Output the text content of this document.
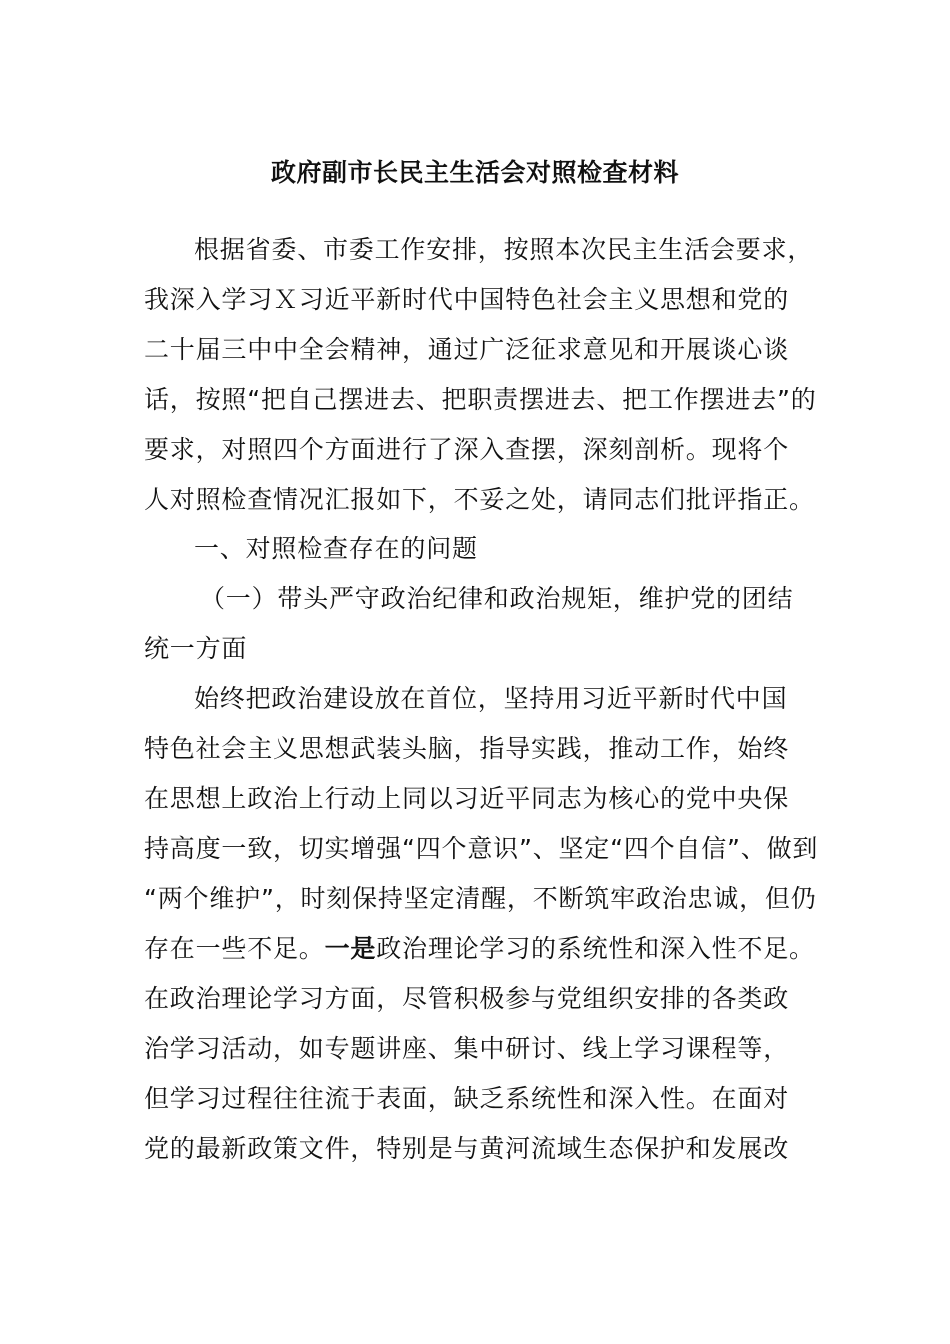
政府副市长民主生活会对照检查材料
根据省委、市委工作安排，按照本次民主生活会要求，
我深入学习Ｘ习近平新时代中国特色社会主义思想和党的
二十届三中中全会精神，通过广泛征求意见和开展谈心谈
话，按照“把自己摆进去、把职责摆进去、把工作摆进去”的
要求，对照四个方面进行了深入查摆，深刻剖析。现将个
人对照检查情况汇报如下，不妥之处，请同志们批评指正。
一、对照检查存在的问题
（一）带头严守政治纪律和政治规矩，维护党的团结
统一方面
始终把政治建设放在首位，坚持用习近平新时代中国
特色社会主义思想武装头脑，指导实践，推动工作，始终
在思想上政治上行动上同以习近平同志为核心的党中央保
持高度一致，切实增强“四个意识”、坚定“四个自信”、做到
“两个维护”，时刻保持坚定清醒，不断筑牢政治忠诚，但仍
存在一些不足。一是政治理论学习的系统性和深入性不足。
在政治理论学习方面，尽管积极参与党组织安排的各类政
治学习活动，如专题讲座、集中研讨、线上学习课程等，
但学习过程往往流于表面，缺乏系统性和深入性。在面对
党的最新政策文件，特别是与黄河流域生态保护和发展改
